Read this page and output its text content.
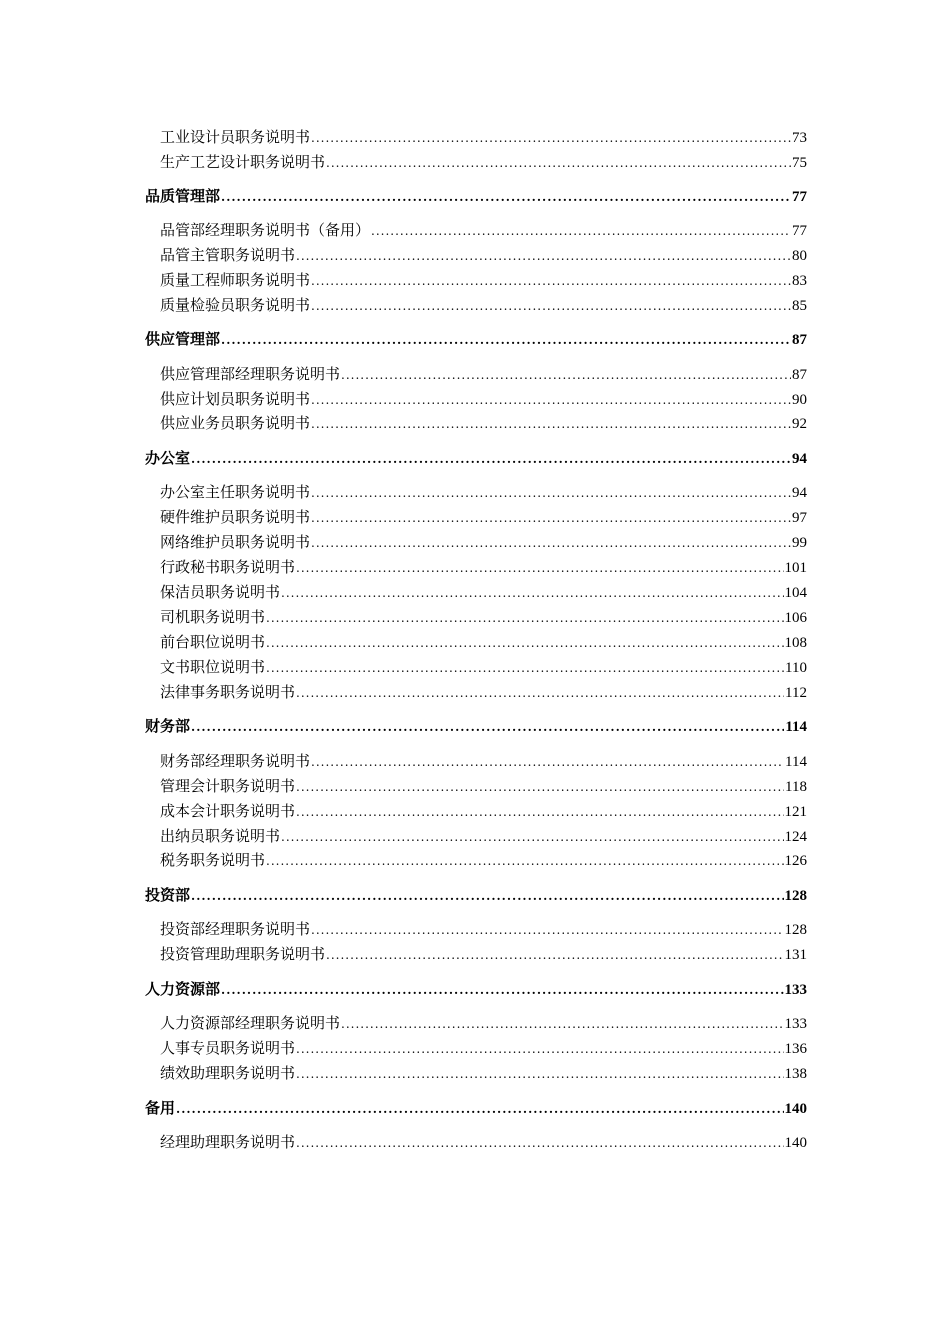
工业设计员职务说明书 .....	73
生产工艺设计职务说明书 .....	75
品质管理部 .....	77
品管部经理职务说明书（备用） .....	77
品管主管职务说明书 .....	80
质量工程师职务说明书 .....	83
质量检验员职务说明书 .....	85
供应管理部 .....	87
供应管理部经理职务说明书 .....	87
供应计划员职务说明书 .....	90
供应业务员职务说明书 .....	92
办公室 .....	94
办公室主任职务说明书 .....	94
硬件维护员职务说明书 .....	97
网络维护员职务说明书 .....	99
行政秘书职务说明书 .....	101
保洁员职务说明书 .....	104
司机职务说明书 .....	106
前台职位说明书 .....	108
文书职位说明书 .....	110
法律事务职务说明书 .....	112
财务部 .....	114
财务部经理职务说明书 .....	114
管理会计职务说明书 .....	118
成本会计职务说明书 .....	121
出纳员职务说明书 .....	124
税务职务说明书 .....	126
投资部 .....	128
投资部经理职务说明书 .....	128
投资管理助理职务说明书 .....	131
人力资源部 .....	133
人力资源部经理职务说明书 .....	133
人事专员职务说明书 .....	136
绩效助理职务说明书 .....	138
备用 .....	140
经理助理职务说明书 .....	140
